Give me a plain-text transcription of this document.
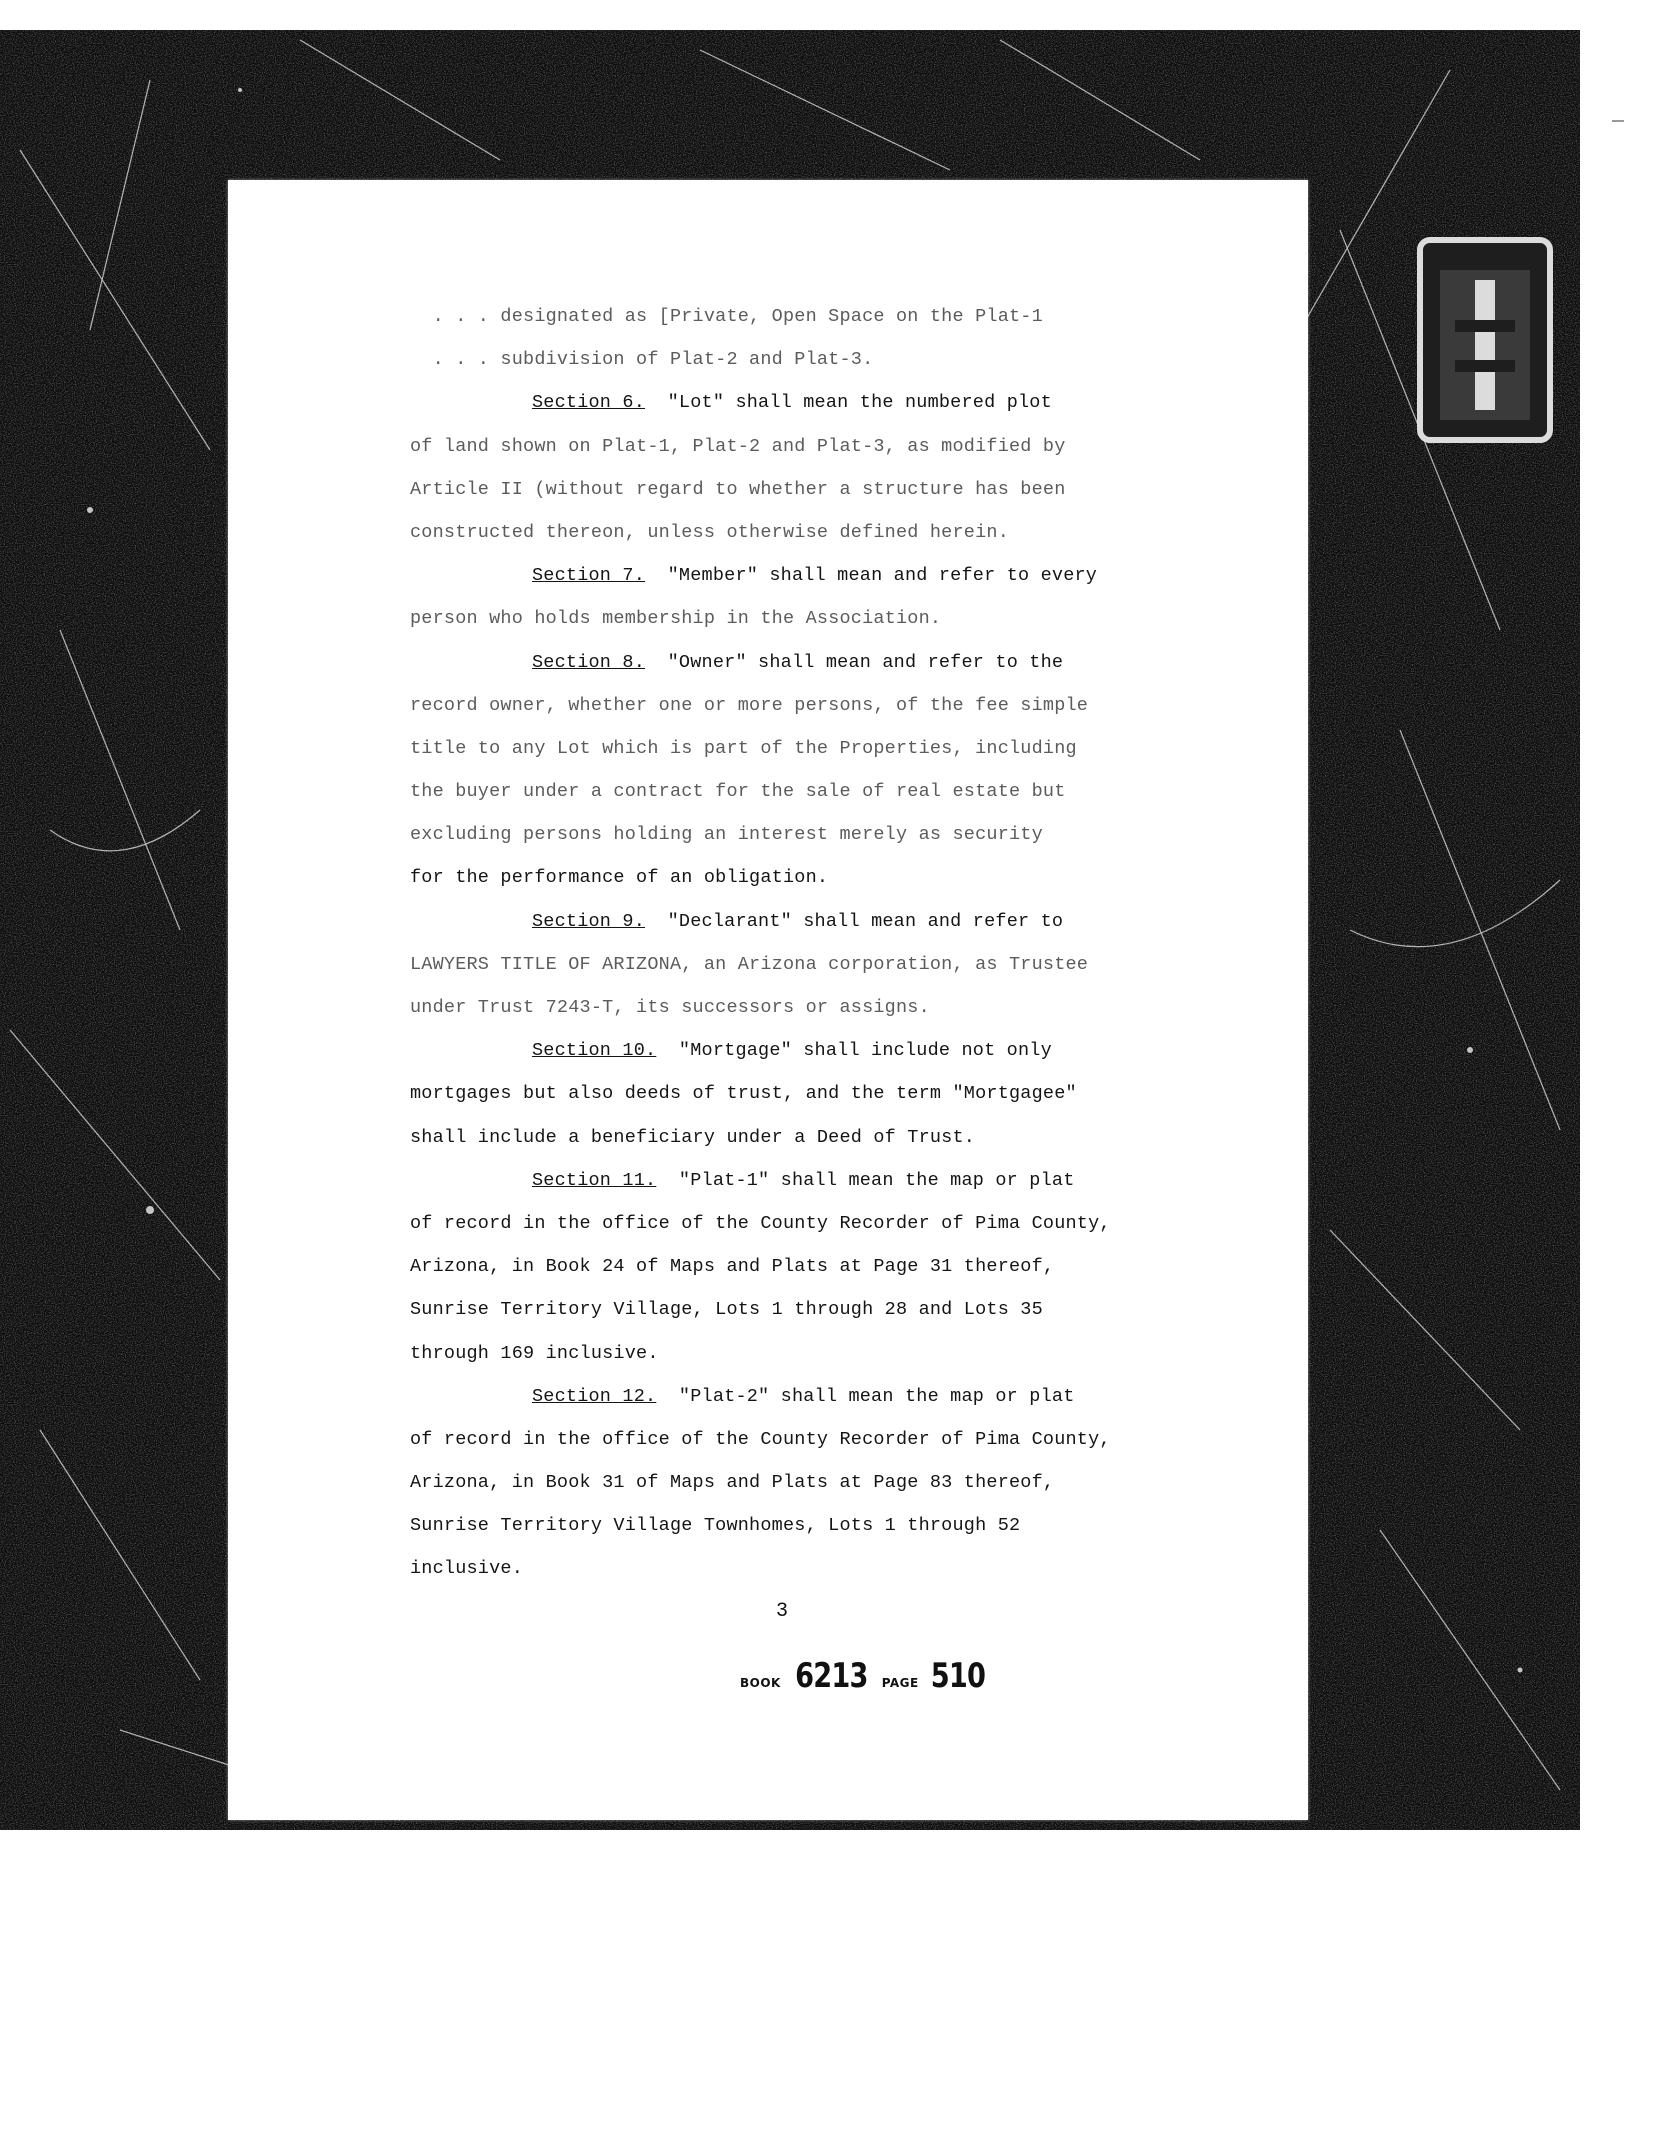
. . . designated as [Private, Open Space on the Plat-1
. . . subdivision of Plat-2 and Plat-3.
Section 6.  "Lot" shall mean the numbered plot
of land shown on Plat-1, Plat-2 and Plat-3, as modified by
Article II (without regard to whether a structure has been
constructed thereon, unless otherwise defined herein.
Section 7.  "Member" shall mean and refer to every
person who holds membership in the Association.
Section 8.  "Owner" shall mean and refer to the
record owner, whether one or more persons, of the fee simple
title to any Lot which is part of the Properties, including
the buyer under a contract for the sale of real estate but
excluding persons holding an interest merely as security
for the performance of an obligation.
Section 9.  "Declarant" shall mean and refer to
LAWYERS TITLE OF ARIZONA, an Arizona corporation, as Trustee
under Trust 7243-T, its successors or assigns.
Section 10.  "Mortgage" shall include not only
mortgages but also deeds of trust, and the term "Mortgagee"
shall include a beneficiary under a Deed of Trust.
Section 11.  "Plat-1" shall mean the map or plat
of record in the office of the County Recorder of Pima County,
Arizona, in Book 24 of Maps and Plats at Page 31 thereof,
Sunrise Territory Village, Lots 1 through 28 and Lots 35
through 169 inclusive.
Section 12.  "Plat-2" shall mean the map or plat
of record in the office of the County Recorder of Pima County,
Arizona, in Book 31 of Maps and Plats at Page 83 thereof,
Sunrise Territory Village Townhomes, Lots 1 through 52
inclusive.
3
BOOK 6213 PAGE 510
